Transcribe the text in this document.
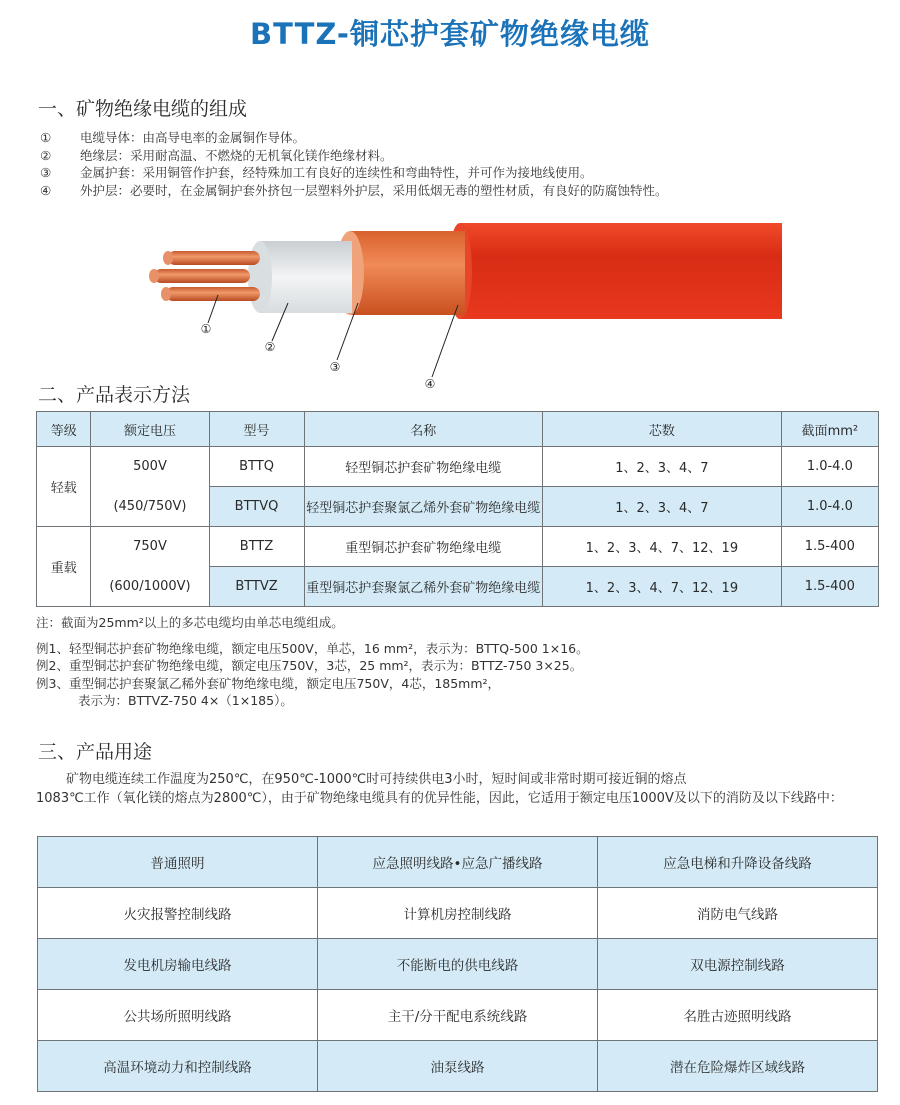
BTTZ-铜芯护套矿物绝缘电缆
一、矿物绝缘电缆的组成
①	电缆导体：由高导电率的金属铜作导体。
②	绝缘层：采用耐高温、不燃烧的无机氧化镁作绝缘材料。
③	金属护套：采用铜管作护套，经特殊加工有良好的连续性和弯曲特性，并可作为接地线使用。
④	外护层：必要时，在金属铜护套外挤包一层塑料外护层，采用低烟无毒的塑性材质，有良好的防腐蚀特性。
①
②
③
④
二、产品表示方法
等级	额定电压	型号	名称	芯数	截面mm²
轻载	500V	BTTQ	轻型铜芯护套矿物绝缘电缆	1、2、3、4、7	1.0-4.0
	(450/750V)	BTTVQ	轻型铜芯护套聚氯乙烯外套矿物绝缘电缆	1、2、3、4、7	1.0-4.0
重载	750V	BTTZ	重型铜芯护套矿物绝缘电缆	1、2、3、4、7、12、19	1.5-400
	(600/1000V)	BTTVZ	重型铜芯护套聚氯乙稀外套矿物绝缘电缆	1、2、3、4、7、12、19	1.5-400
注：截面为25mm²以上的多芯电缆均由单芯电缆组成。
例1、轻型铜芯护套矿物绝缘电缆，额定电压500V，单芯，16 mm²，表示为：BTTQ-500 1×16。
例2、重型铜芯护套矿物绝缘电缆，额定电压750V，3芯，25 mm²，表示为：BTTZ-750 3×25。
例3、重型铜芯护套聚氯乙稀外套矿物绝缘电缆，额定电压750V，4芯，185mm²，
表示为：BTTVZ-750 4×（1×185）。
三、产品用途
矿物电缆连续工作温度为250℃，在950℃-1000℃时可持续供电3小时，短时间或非常时期可接近铜的熔点
1083℃工作（氧化镁的熔点为2800℃），由于矿物绝缘电缆具有的优异性能，因此，它适用于额定电压1000V及以下的消防及以下线路中：
普通照明	应急照明线路•应急广播线路	应急电梯和升降设备线路
火灾报警控制线路	计算机房控制线路	消防电气线路
发电机房输电线路	不能断电的供电线路	双电源控制线路
公共场所照明线路	主干/分干配电系统线路	名胜古迹照明线路
高温环境动力和控制线路	油泵线路	潜在危险爆炸区域线路
